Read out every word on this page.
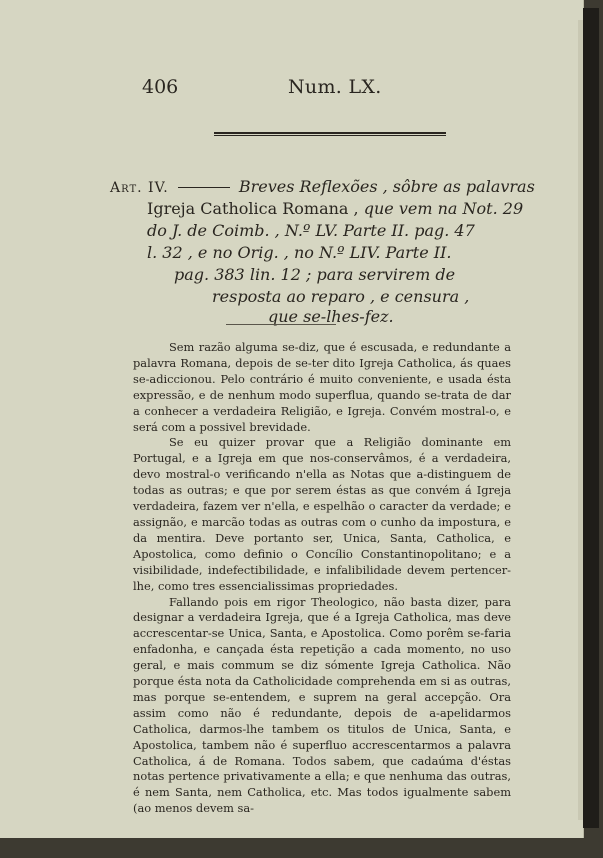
406	Num. LX.
Art. IV.	Breves Reflexões , sôbre as palavras
Igreja Catholica Romana , que vem na Not. 29
do J. de Coimb. , N.º LV. Parte II. pag. 47
l. 32 , e no Orig. , no N.º LIV. Parte II.
pag. 383 lin. 12 ; para servirem de
resposta ao reparo , e censura ,
que se-lhes-fez.

Sem razão alguma se-diz, que é escusada, e redundante a palavra Romana, depois de se-ter dito Igreja Catholica, ás quaes se-adiccionou. Pelo contrário é muito conveniente, e usada ésta expressão, e de nenhum modo superflua, quando se-trata de dar a conhecer a verdadeira Religião, e Igreja. Convém mostral-o, e será com a possivel brevidade.

Se eu quizer provar que a Religião dominante em Portugal, e a Igreja em que nos-conservâmos, é a verdadeira, devo mostral-o verificando n'ella as Notas que a-distinguem de todas as outras; e que por serem éstas as que convém á Igreja verdadeira, fazem ver n'ella, e espelhão o caracter da verdade; e assignão, e marcão todas as outras com o cunho da impostura, e da mentira. Deve portanto ser, Unica, Santa, Catholica, e Apostolica, como definio o Concílio Constantinopolitano; e a visibilidade, indefectibilidade, e infalibilidade devem pertencer-lhe, como tres essencialissimas propriedades.

Fallando pois em rigor Theologico, não basta dizer, para designar a verdadeira Igreja, que é a Igreja Catholica, mas deve accrescentar-se Unica, Santa, e Apostolica. Como porêm se-faria enfadonha, e cançada ésta repetição a cada momento, no uso geral, e mais commum se diz sómente Igreja Catholica. Não porque ésta nota da Catholicidade comprehenda em si as outras, mas porque se-entendem, e suprem na geral accepção. Ora assim como não é redundante, depois de a-apelidarmos Catholica, darmos-lhe tambem os titulos de Unica, Santa, e Apostolica, tambem não é superfluo accrescentarmos a palavra Catholica, á de Romana. Todos sabem, que cadaúma d'éstas notas pertence privativamente a ella; e que nenhuma das outras, é nem Santa, nem Catholica, etc. Mas todos igualmente sabem (ao menos devem sa-
